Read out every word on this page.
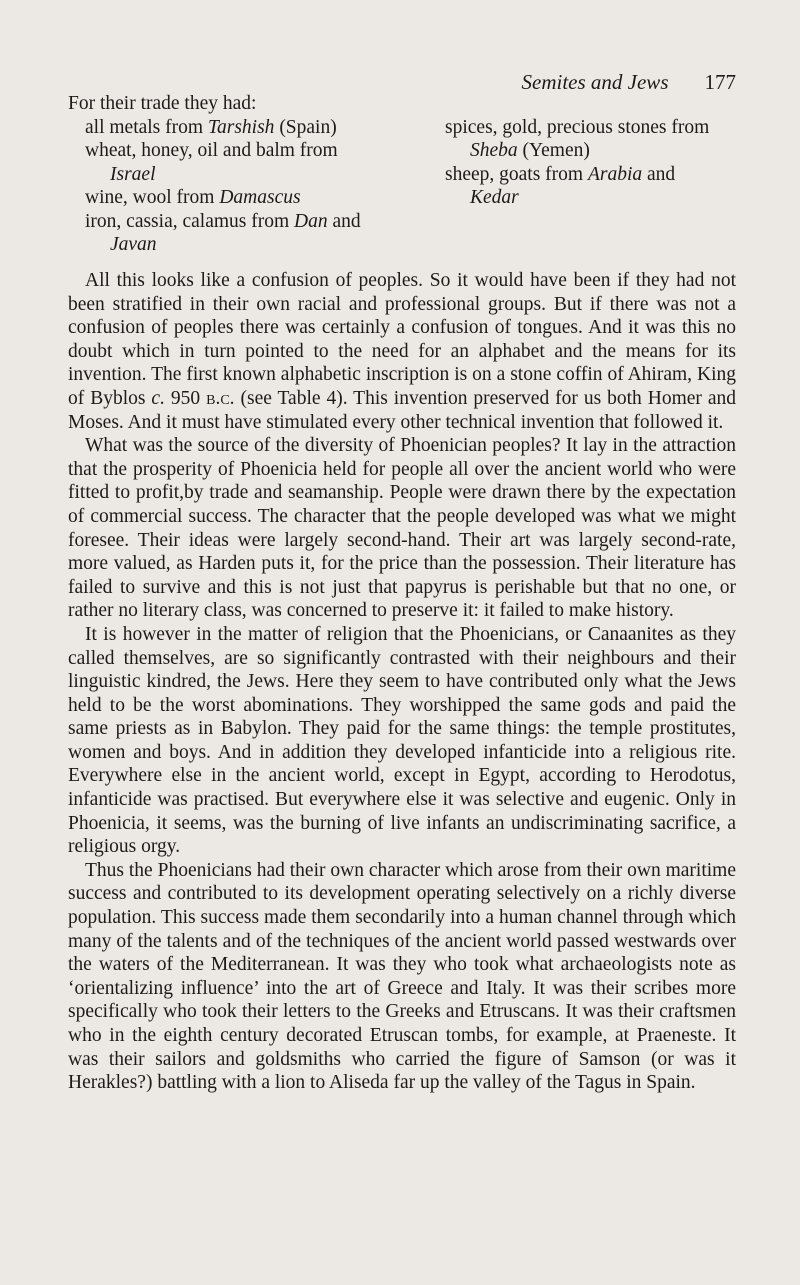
Semites and Jews 177
For their trade they had:
all metals from Tarshish (Spain)
wheat, honey, oil and balm from
Israel
wine, wool from Damascus
iron, cassia, calamus from Dan and
Javan
spices, gold, precious stones from
Sheba (Yemen)
sheep, goats from Arabia and
Kedar

All this looks like a confusion of peoples. So it would have been if they had not been stratified in their own racial and professional groups. But if there was not a confusion of peoples there was certainly a confusion of tongues. And it was this no doubt which in turn pointed to the need for an alphabet and the means for its invention. The first known alphabetic inscription is on a stone coffin of Ahiram, King of Byblos c. 950 b.c. (see Table 4). This invention preserved for us both Homer and Moses. And it must have stimulated every other technical invention that followed it.

What was the source of the diversity of Phoenician peoples? It lay in the attraction that the prosperity of Phoenicia held for people all over the ancient world who were fitted to profit,by trade and seamanship. People were drawn there by the expectation of commercial success. The character that the people developed was what we might foresee. Their ideas were largely second-hand. Their art was largely second-rate, more valued, as Harden puts it, for the price than the possession. Their literature has failed to survive and this is not just that papyrus is perishable but that no one, or rather no literary class, was concerned to preserve it: it failed to make history.

It is however in the matter of religion that the Phoenicians, or Canaanites as they called themselves, are so significantly contrasted with their neighbours and their linguistic kindred, the Jews. Here they seem to have contributed only what the Jews held to be the worst abominations. They worshipped the same gods and paid the same priests as in Babylon. They paid for the same things: the temple prostitutes, women and boys. And in addition they developed infanticide into a religious rite. Everywhere else in the ancient world, except in Egypt, according to Herodotus, infanticide was practised. But everywhere else it was selective and eugenic. Only in Phoenicia, it seems, was the burning of live infants an undiscriminating sacrifice, a religious orgy.

Thus the Phoenicians had their own character which arose from their own maritime success and contributed to its development operating selectively on a richly diverse population. This success made them secondarily into a human channel through which many of the talents and of the techniques of the ancient world passed westwards over the waters of the Mediterranean. It was they who took what archaeologists note as ‘orientalizing influence’ into the art of Greece and Italy. It was their scribes more specifically who took their letters to the Greeks and Etruscans. It was their craftsmen who in the eighth century decorated Etruscan tombs, for example, at Praeneste. It was their sailors and goldsmiths who carried the figure of Samson (or was it Herakles?) battling with a lion to Aliseda far up the valley of the Tagus in Spain.
